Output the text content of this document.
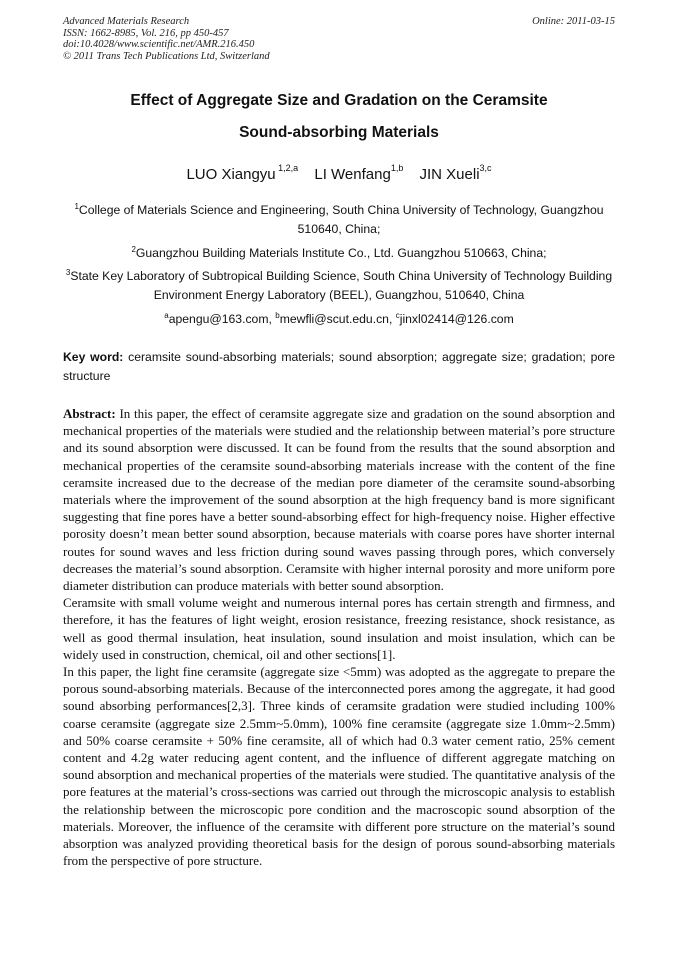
Advanced Materials Research
ISSN: 1662-8985, Vol. 216, pp 450-457
doi:10.4028/www.scientific.net/AMR.216.450
© 2011 Trans Tech Publications Ltd, Switzerland
Online: 2011-03-15
Effect of Aggregate Size and Gradation on the Ceramsite
Sound-absorbing Materials
LUO Xiangyu $^{1,2,a}$ LI Wenfang$^{1,b}$ JIN Xueli$^{3,c}$
$^1$College of Materials Science and Engineering, South China University of Technology, Guangzhou 510640, China;
$^2$Guangzhou Building Materials Institute Co., Ltd. Guangzhou 510663, China;
$^3$State Key Laboratory of Subtropical Building Science, South China University of Technology Building Environment Energy Laboratory (BEEL), Guangzhou, 510640, China
$^a$apengu@163.com, $^b$mewfli@scut.edu.cn, $^c$jinxl02414@126.com
Key word: ceramsite sound-absorbing materials; sound absorption; aggregate size; gradation; pore structure

Abstract: In this paper, the effect of ceramsite aggregate size and gradation on the sound absorption and mechanical properties of the materials were studied and the relationship between material’s pore structure and its sound absorption were discussed. It can be found from the results that the sound absorption and mechanical properties of the ceramsite sound-absorbing materials increase with the content of the fine ceramsite increased due to the decrease of the median pore diameter of the ceramsite sound-absorbing materials where the improvement of the sound absorption at the high frequency band is more significant suggesting that fine pores have a better sound-absorbing effect for high-frequency noise. Higher effective porosity doesn’t mean better sound absorption, because materials with coarse pores have shorter internal routes for sound waves and less friction during sound waves passing through pores, which conversely decreases the material’s sound absorption. Ceramsite with higher internal porosity and more uniform pore diameter distribution can produce materials with better sound absorption.

Ceramsite with small volume weight and numerous internal pores has certain strength and firmness, and therefore, it has the features of light weight, erosion resistance, freezing resistance, shock resistance, as well as good thermal insulation, heat insulation, sound insulation and moist insulation, which can be widely used in construction, chemical, oil and other sections[1].

In this paper, the light fine ceramsite (aggregate size <5mm) was adopted as the aggregate to prepare the porous sound-absorbing materials. Because of the interconnected pores among the aggregate, it had good sound absorbing performances[2,3]. Three kinds of ceramsite gradation were studied including 100% coarse ceramsite (aggregate size 2.5mm~5.0mm), 100% fine ceramsite (aggregate size 1.0mm~2.5mm) and 50% coarse ceramsite + 50% fine ceramsite, all of which had 0.3 water cement ratio, 25% cement content and 4.2g water reducing agent content, and the influence of different aggregate matching on sound absorption and mechanical properties of the materials were studied. The quantitative analysis of the pore features at the material’s cross-sections was carried out through the microscopic analysis to establish the relationship between the microscopic pore condition and the macroscopic sound absorption of the materials. Moreover, the influence of the ceramsite with different pore structure on the material’s sound absorption was analyzed providing theoretical basis for the design of porous sound-absorbing materials from the perspective of pore structure.
